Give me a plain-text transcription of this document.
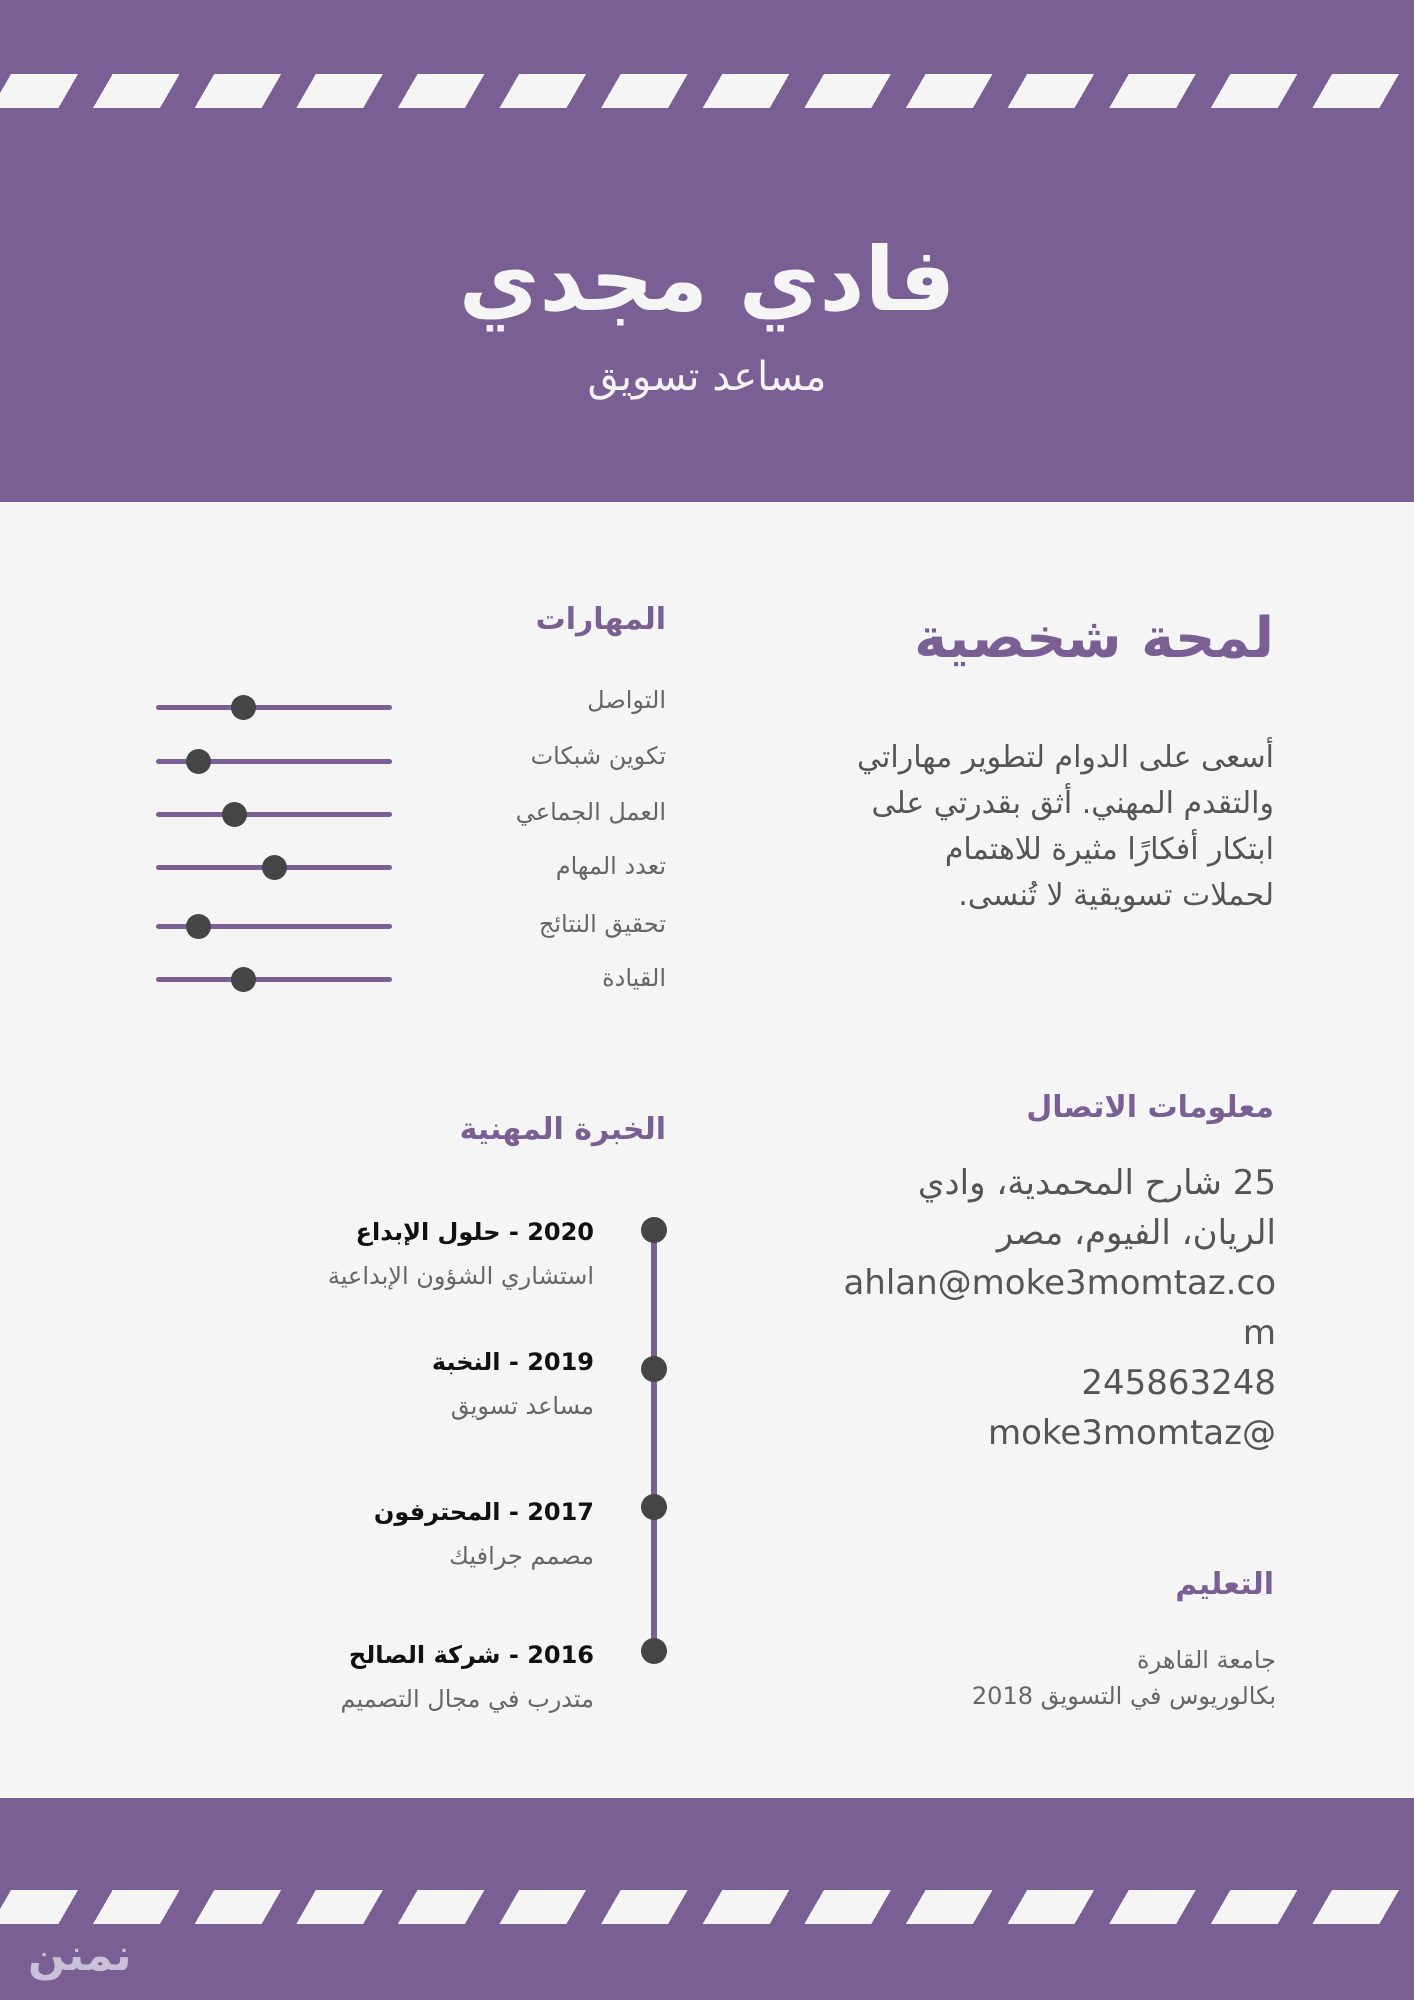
فادي مجدي
مساعد تسويق
لمحة شخصية
أسعى على الدوام لتطوير مهاراتي
والتقدم المهني. أثق بقدرتي على
ابتكار أفكارًا مثيرة للاهتمام
لحملات تسويقية لا تُنسى.
المهارات
التواصل
تكوين شبكات
العمل الجماعي
تعدد المهام
تحقيق النتائج
القيادة
معلومات الاتصال
25 شارح المحمدية، وادي
الريان، الفيوم، مصر
ahlan@moke3momtaz.com
245863248
moke3momtaz@
الخبرة المهنية
2020 - حلول الإبداع
استشاري الشؤون الإبداعية
2019 - النخبة
مساعد تسويق
2017 - المحترفون
مصمم جرافيك
2016 - شركة الصالح
متدرب في مجال التصميم
التعليم
جامعة القاهرة
بكالوريوس في التسويق 2018
نمنن
